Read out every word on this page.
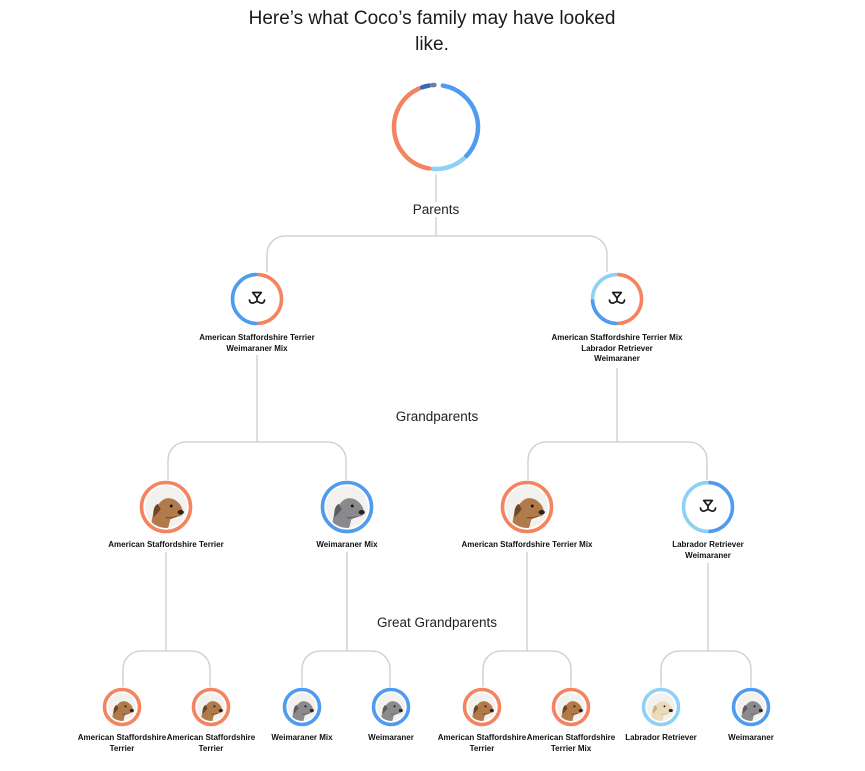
Here’s what Coco’s family may have looked like.
Parents
Grandparents
Great Grandparents
American Staffordshire Terrier
Weimaraner Mix
American Staffordshire Terrier Mix
Labrador Retriever
Weimaraner
American Staffordshire Terrier	Weimaraner Mix	American Staffordshire Terrier Mix	Labrador Retriever
Weimaraner
American Staffordshire Terrier
American Staffordshire Terrier
Weimaraner Mix	Weimaraner	American Staffordshire Terrier
American Staffordshire Terrier Mix
Labrador Retriever	Weimaraner
